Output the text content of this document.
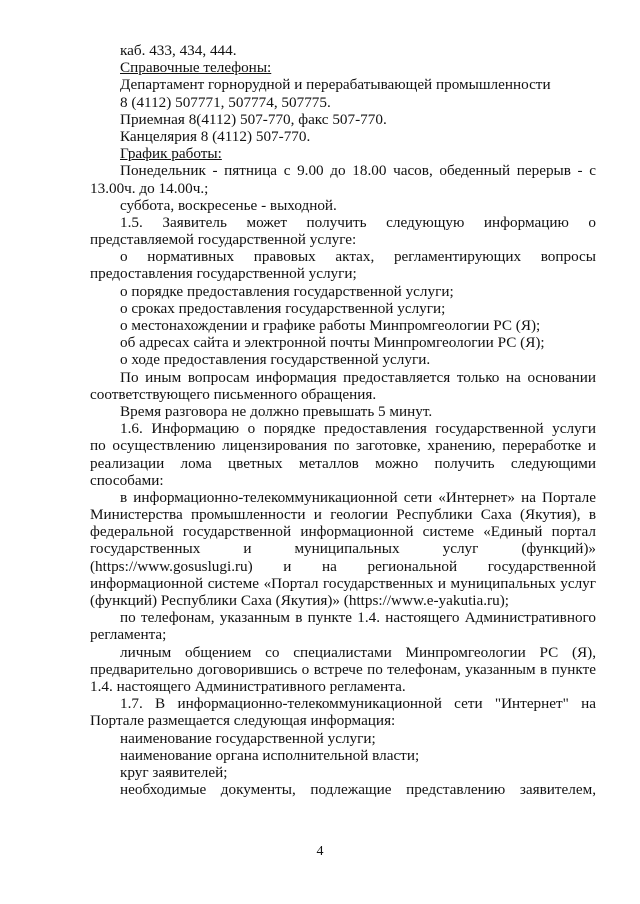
каб. 433, 434, 444.
Справочные телефоны:
Департамент горнорудной и перерабатывающей промышленности
8 (4112) 507771, 507774, 507775.
Приемная 8(4112) 507-770, факс 507-770.
Канцелярия 8 (4112) 507-770.
График работы:
Понедельник - пятница с 9.00 до 18.00 часов, обеденный перерыв - с
13.00ч. до 14.00ч.;
суббота, воскресенье - выходной.
1.5. Заявитель может получить следующую информацию о
представляемой государственной услуге:
о нормативных правовых актах, регламентирующих вопросы
предоставления государственной услуги;
о порядке предоставления государственной услуги;
о сроках предоставления государственной услуги;
о местонахождении и графике работы Минпромгеологии РС (Я);
об адресах сайта и электронной почты Минпромгеологии РС (Я);
о ходе предоставления государственной услуги.
По иным вопросам информация предоставляется только на основании
соответствующего письменного обращения.
Время разговора не должно превышать 5 минут.
1.6. Информацию о порядке предоставления государственной услуги
по осуществлению лицензирования по заготовке, хранению, переработке и
реализации лома цветных металлов можно получить следующими
способами:
в информационно-телекоммуникационной сети «Интернет» на Портале
Министерства промышленности и геологии Республики Саха (Якутия), в
федеральной государственной информационной системе «Единый портал
государственных и муниципальных услуг (функций)»
(https://www.gosuslugi.ru) и на региональной государственной
информационной системе «Портал государственных и муниципальных услуг
(функций) Республики Саха (Якутия)» (https://www.e-yakutia.ru);
по телефонам, указанным в пункте 1.4. настоящего Административного
регламента;
личным общением со специалистами Минпромгеологии РС (Я),
предварительно договорившись о встрече по телефонам, указанным в пункте
1.4. настоящего Административного регламента.
1.7. В информационно-телекоммуникационной сети "Интернет" на
Портале размещается следующая информация:
наименование государственной услуги;
наименование органа исполнительной власти;
круг заявителей;
необходимые документы, подлежащие представлению заявителем,
4
